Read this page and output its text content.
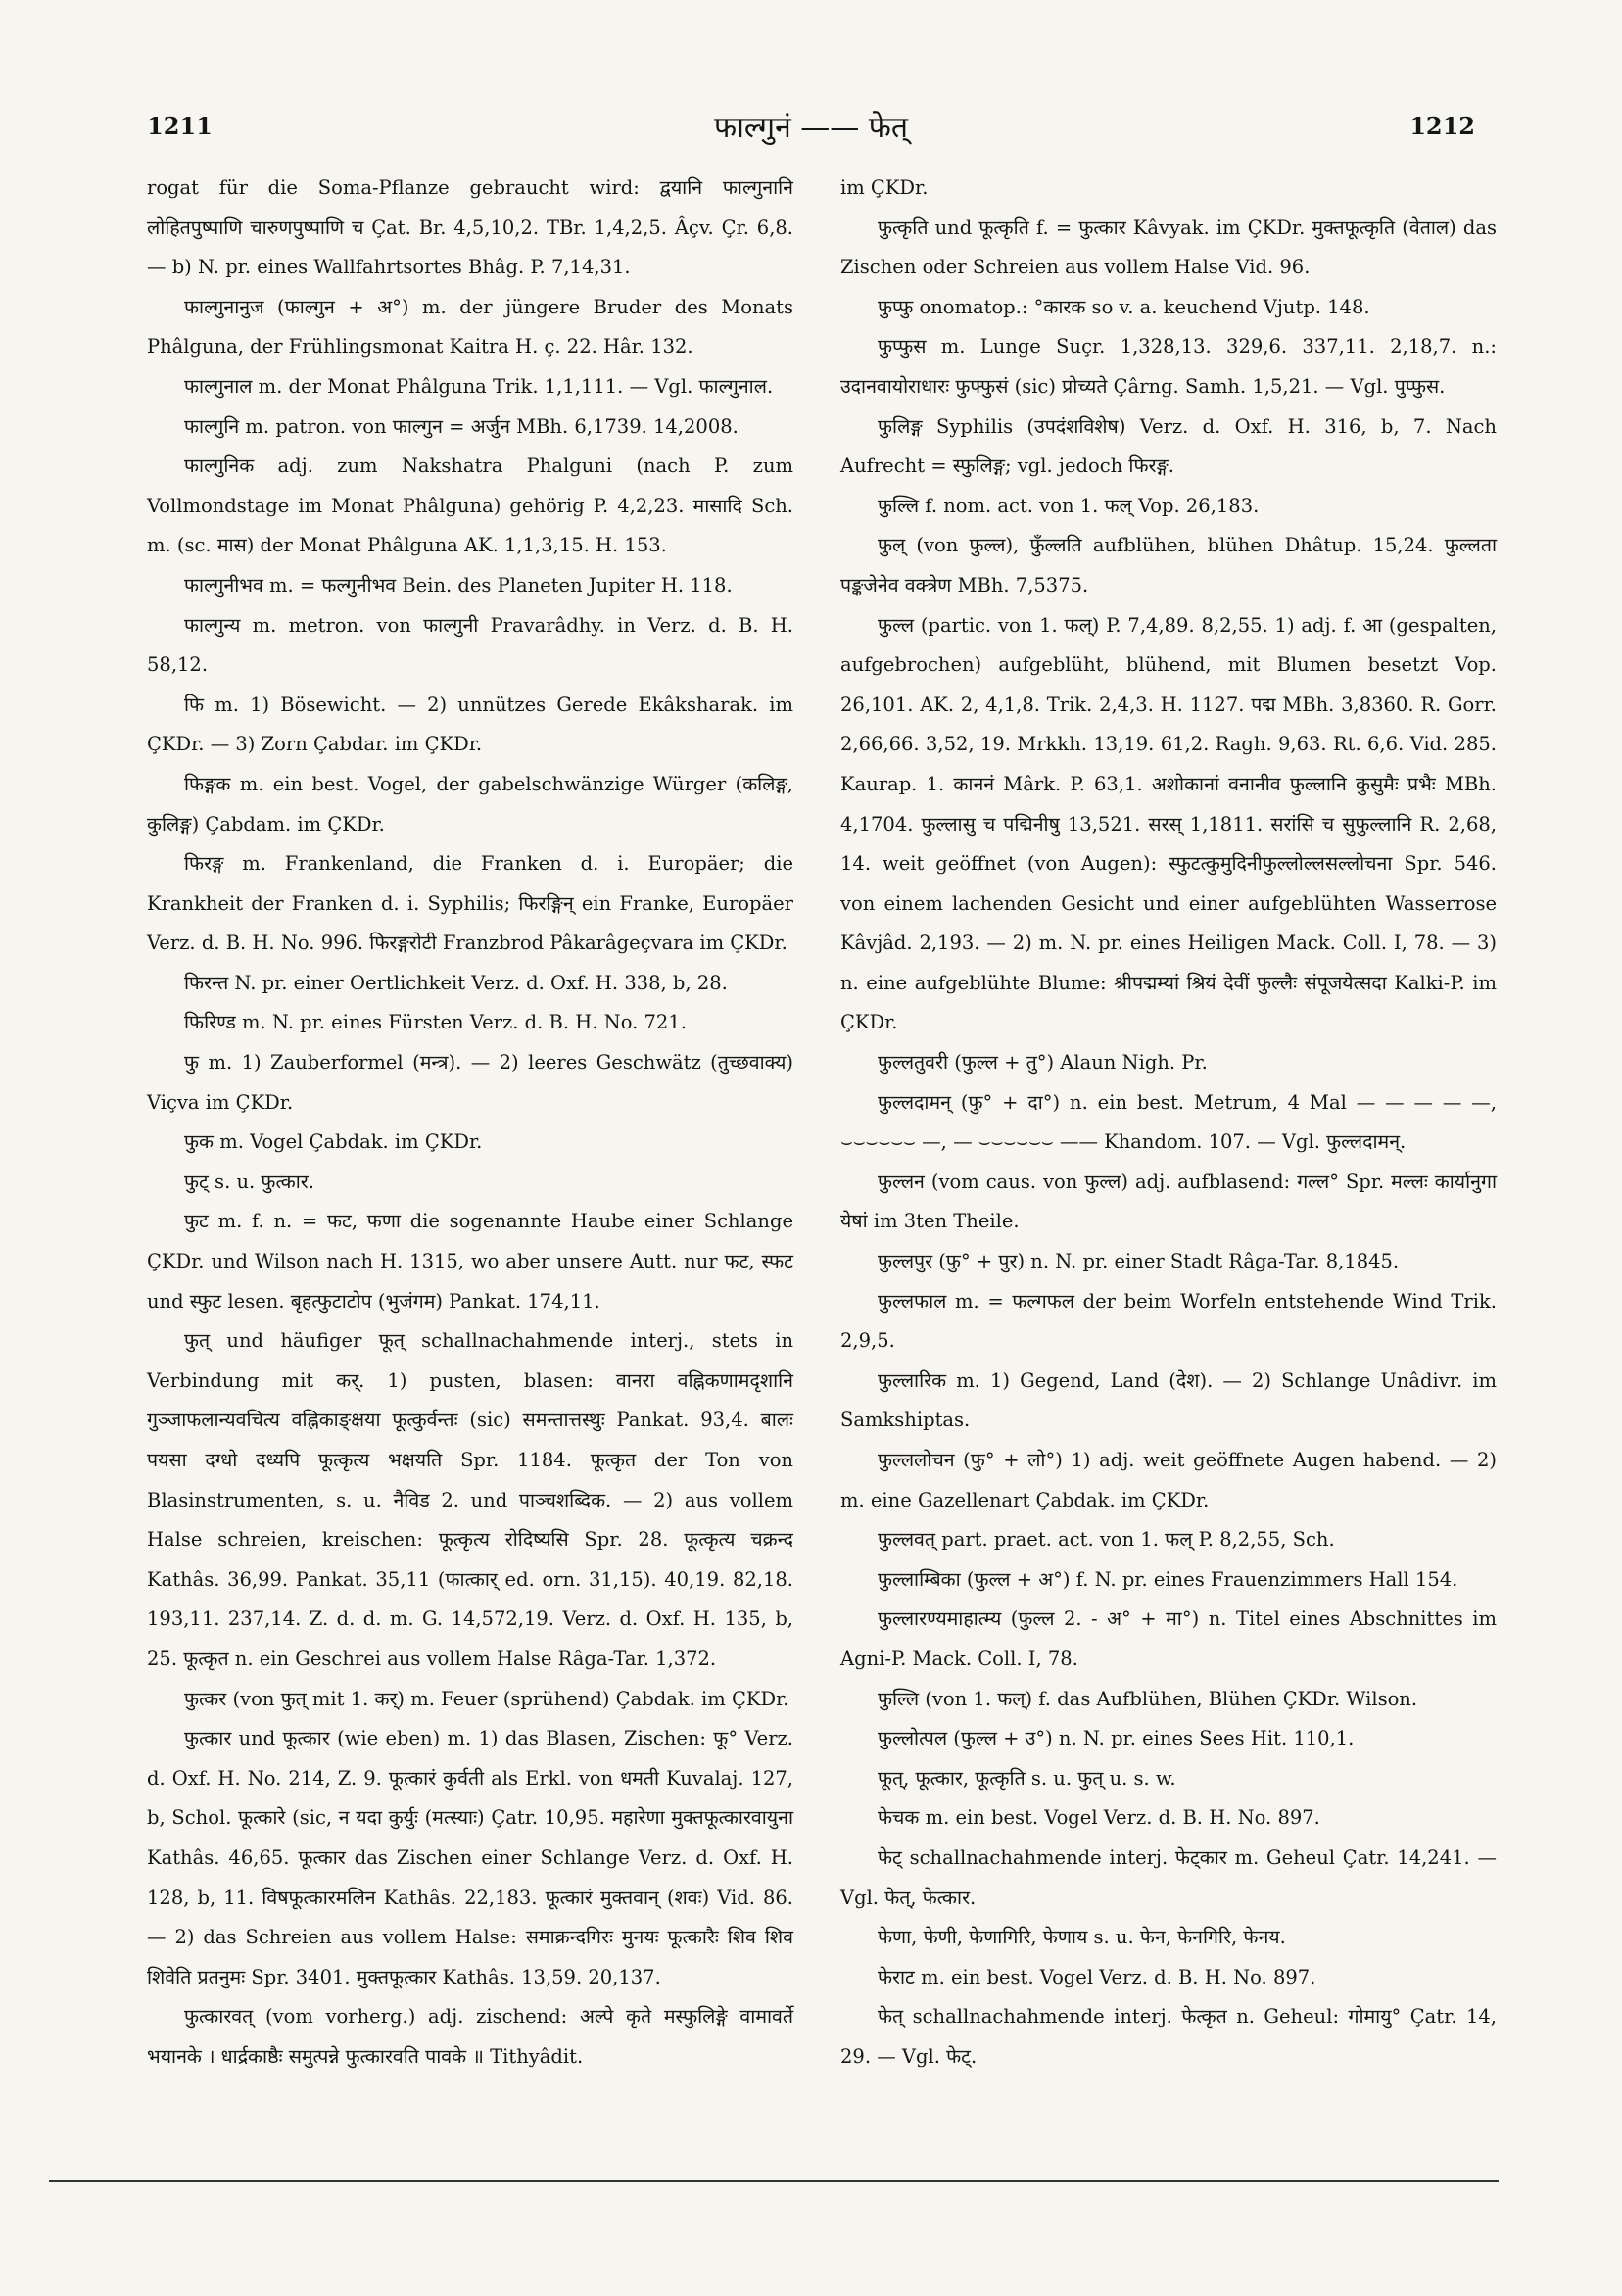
1211	फाल्गुनं —— फेत्	1212

rogat für die Soma-Pflanze gebraucht wird: द्वयानि फाल्गुनानि लोहितपुष्पाणि चारुणपुष्पाणि च Çat. Br. 4,5,10,2. TBr. 1,4,2,5. Âçv. Çr. 6,8. — b) N. pr. eines Wallfahrtsortes Bhâg. P. 7,14,31.

फाल्गुनानुज (फाल्गुन + अ°) m. der jüngere Bruder des Monats Phâlguna, der Frühlingsmonat Kaitra H. ç. 22. Hâr. 132.

फाल्गुनाल m. der Monat Phâlguna Trik. 1,1,111. — Vgl. फाल्गुनाल.

फाल्गुनि m. patron. von फाल्गुन = अर्जुन MBh. 6,1739. 14,2008.

फाल्गुनिक adj. zum Nakshatra Phalguni (nach P. zum Vollmondstage im Monat Phâlguna) gehörig P. 4,2,23. मासादि Sch. m. (sc. मास) der Monat Phâlguna AK. 1,1,3,15. H. 153.

फाल्गुनीभव m. = फल्गुनीभव Bein. des Planeten Jupiter H. 118.

फाल्गुन्य m. metron. von फाल्गुनी Pravarâdhy. in Verz. d. B. H. 58,12.

फि m. 1) Bösewicht. — 2) unnützes Gerede Ekâksharak. im ÇKDr. — 3) Zorn Çabdar. im ÇKDr.

फिङ्गक m. ein best. Vogel, der gabelschwänzige Würger (कलिङ्ग, कुलिङ्ग) Çabdam. im ÇKDr.

फिरङ्ग m. Frankenland, die Franken d. i. Europäer; die Krankheit der Franken d. i. Syphilis; फिरङ्गिन् ein Franke, Europäer Verz. d. B. H. No. 996. फिरङ्गरोटी Franzbrod Pâkarâgeçvara im ÇKDr.

फिरन्त N. pr. einer Oertlichkeit Verz. d. Oxf. H. 338, b, 28.

फिरिण्ड m. N. pr. eines Fürsten Verz. d. B. H. No. 721.

फु m. 1) Zauberformel (मन्त्र). — 2) leeres Geschwätz (तुच्छवाक्य) Viçva im ÇKDr.

फुक m. Vogel Çabdak. im ÇKDr.

फुट् s. u. फुत्कार.

फुट m. f. n. = फट, फणा die sogenannte Haube einer Schlange ÇKDr. und Wilson nach H. 1315, wo aber unsere Autt. nur फट, स्फट und स्फुट lesen. बृहत्फुटाटोप (भुजंगम) Pankat. 174,11.

फुत् und häufiger फूत् schallnachahmende interj., stets in Verbindung mit कर्. 1) pusten, blasen: वानरा वह्निकणामदृशानि गुञ्जाफलान्यवचित्य वह्निकाङ्क्षया फूत्कुर्वन्तः (sic) समन्तात्तस्थुः Pankat. 93,4. बालः पयसा दग्धो दध्यपि फूत्कृत्य भक्षयति Spr. 1184. फूत्कृत der Ton von Blasinstrumenten, s. u. नैविड 2. und पाञ्चशब्दिक. — 2) aus vollem Halse schreien, kreischen: फूत्कृत्य रोदिष्यसि Spr. 28. फूत्कृत्य चक्रन्द Kathâs. 36,99. Pankat. 35,11 (फात्कार् ed. orn. 31,15). 40,19. 82,18. 193,11. 237,14. Z. d. d. m. G. 14,572,19. Verz. d. Oxf. H. 135, b, 25. फूत्कृत n. ein Geschrei aus vollem Halse Râga-Tar. 1,372.

फुत्कर (von फुत् mit 1. कर्) m. Feuer (sprühend) Çabdak. im ÇKDr.

फुत्कार und फूत्कार (wie eben) m. 1) das Blasen, Zischen: फू° Verz. d. Oxf. H. No. 214, Z. 9. फूत्कारं कुर्वती als Erkl. von धमती Kuvalaj. 127, b, Schol. फूत्कारे (sic, न यदा कुर्युः (मत्स्याः) Çatr. 10,95. महारेणा मुक्तफूत्कारवायुना Kathâs. 46,65. फूत्कार das Zischen einer Schlange Verz. d. Oxf. H. 128, b, 11. विषफूत्कारमलिन Kathâs. 22,183. फूत्कारं मुक्तवान् (शवः) Vid. 86. — 2) das Schreien aus vollem Halse: समाक्रन्दगिरः मुनयः फूत्कारैः शिव शिव शिवेति प्रतनुमः Spr. 3401. मुक्तफूत्कार Kathâs. 13,59. 20,137.

फुत्कारवत् (vom vorherg.) adj. zischend: अल्पे कृते मस्फुलिङ्गे वामावर्ते भयानके । धार्द्रकाष्ठैः समुत्पन्ने फुत्कारवति पावके ॥ Tithyâdit.

im ÇKDr.

फुत्कृति und फूत्कृति f. = फुत्कार Kâvyak. im ÇKDr. मुक्तफूत्कृति (वेताल) das Zischen oder Schreien aus vollem Halse Vid. 96.

फुप्फु onomatop.: °कारक so v. a. keuchend Vjutp. 148.

फुप्फुस m. Lunge Suçr. 1,328,13. 329,6. 337,11. 2,18,7. n.: उदानवायोराधारः फुफ्फुसं (sic) प्रोच्यते Çârng. Samh. 1,5,21. — Vgl. पुप्फुस.

फुलिङ्ग Syphilis (उपदंशविशेष) Verz. d. Oxf. H. 316, b, 7. Nach Aufrecht = स्फुलिङ्ग; vgl. jedoch फिरङ्ग.

फुल्लि f. nom. act. von 1. फल् Vop. 26,183.

फुल् (von फुल्ल), फुँल्लति aufblühen, blühen Dhâtup. 15,24. फुल्लता पङ्कजेनेव वक्त्रेण MBh. 7,5375.

फुल्ल (partic. von 1. फल्) P. 7,4,89. 8,2,55. 1) adj. f. आ (gespalten, aufgebrochen) aufgeblüht, blühend, mit Blumen besetzt Vop. 26,101. AK. 2, 4,1,8. Trik. 2,4,3. H. 1127. पद्म MBh. 3,8360. R. Gorr. 2,66,66. 3,52, 19. Mrkkh. 13,19. 61,2. Ragh. 9,63. Rt. 6,6. Vid. 285. Kaurap. 1. काननं Mârk. P. 63,1. अशोकानां वनानीव फुल्लानि कुसुमैः प्रभैः MBh. 4,1704. फुल्लासु च पद्मिनीषु 13,521. सरस् 1,1811. सरांसि च सुफुल्लानि R. 2,68, 14. weit geöffnet (von Augen): स्फुटत्कुमुदिनीफुल्लोल्लसल्लोचना Spr. 546. von einem lachenden Gesicht und einer aufgeblühten Wasserrose Kâvjâd. 2,193. — 2) m. N. pr. eines Heiligen Mack. Coll. I, 78. — 3) n. eine aufgeblühte Blume: श्रीपद्मम्यां श्रियं देवीं फुल्लैः संपूजयेत्सदा Kalki-P. im ÇKDr.

फुल्लतुवरी (फुल्ल + तु°) Alaun Nigh. Pr.

फुल्लदामन् (फु° + दा°) n. ein best. Metrum, 4 Mal — — — — —, ⌣⌣⌣⌣⌣⌣ —, — ⌣⌣⌣⌣⌣⌣ —— Khandom. 107. — Vgl. फुल्लदामन्.

फुल्लन (vom caus. von फुल्ल) adj. aufblasend: गल्ल° Spr. मल्लः कार्यानुगा येषां im 3ten Theile.

फुल्लपुर (फु° + पुर) n. N. pr. einer Stadt Râga-Tar. 8,1845.

फुल्लफाल m. = फल्गफल der beim Worfeln entstehende Wind Trik. 2,9,5.

फुल्लारिक m. 1) Gegend, Land (देश). — 2) Schlange Unâdivr. im Samkshiptas.

फुल्ललोचन (फु° + लो°) 1) adj. weit geöffnete Augen habend. — 2) m. eine Gazellenart Çabdak. im ÇKDr.

फुल्लवत् part. praet. act. von 1. फल् P. 8,2,55, Sch.

फुल्लाम्बिका (फुल्ल + अ°) f. N. pr. eines Frauenzimmers Hall 154.

फुल्लारण्यमाहात्म्य (फुल्ल 2. - अ° + मा°) n. Titel eines Abschnittes im Agni-P. Mack. Coll. I, 78.

फुल्लि (von 1. फल्) f. das Aufblühen, Blühen ÇKDr. Wilson.

फुल्लोत्पल (फुल्ल + उ°) n. N. pr. eines Sees Hit. 110,1.

फूत्, फूत्कार, फूत्कृति s. u. फुत् u. s. w.

फेचक m. ein best. Vogel Verz. d. B. H. No. 897.

फेट् schallnachahmende interj. फेट्कार m. Geheul Çatr. 14,241. — Vgl. फेत्, फेत्कार.

फेणा, फेणी, फेणागिरि, फेणाय s. u. फेन, फेनगिरि, फेनय.

फेराट m. ein best. Vogel Verz. d. B. H. No. 897.

फेत् schallnachahmende interj. फेत्कृत n. Geheul: गोमायु° Çatr. 14, 29. — Vgl. फेट्.
